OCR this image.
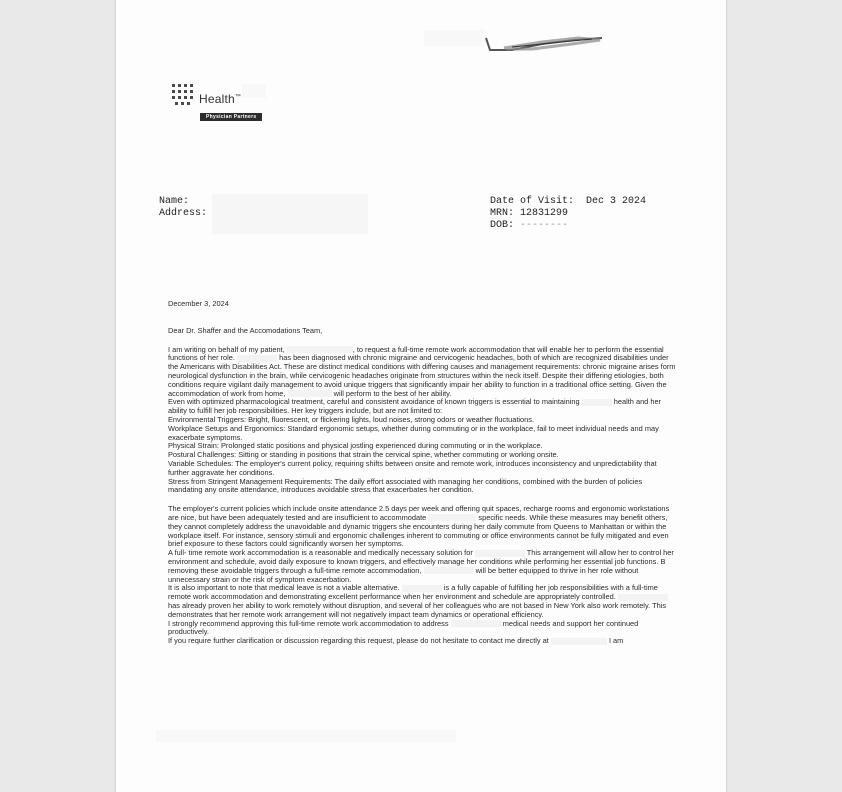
Health™
Physician Partners
Name:
Address:
Date of Visit: Dec 3 2024
MRN: 12831299
DOB: --------

December 3, 2024

Dear Dr. Shaffer and the Accomodations Team,

I am writing on behalf of my patient,	, to request a full-time remote work accommodation that will enable her to perform the essential functions of her role.	has been diagnosed with chronic migraine and cervicogenic headaches, both of which are recognized disabilities under the Americans with Disabilities Act. These are distinct medical conditions with differing causes and management requirements: chronic migraine arises form neurological dysfunction in the brain, while cervicogenic headaches originate from structures within the neck itself. Despite their differing etiologies, both conditions require vigilant daily management to avoid unique triggers that significantly impair her ability to function in a traditional office setting. Given the accommodation of work from home,	will perform to the best of her ability.

Even with optimized pharmacological treatment, careful and consistent avoidance of known triggers is essential to maintaining	health and her ability to fulfill her job responsibilities. Her key triggers include, but are not limited to:

Environmental Triggers: Bright, fluorescent, or flickering lights, loud noises, strong odors or weather fluctuations.

Workplace Setups and Ergonomics: Standard ergonomic setups, whether during commuting or in the workplace, fail to meet individual needs and may exacerbate symptoms.

Physical Strain: Prolonged static positions and physical jostling experienced during commuting or in the workplace.

Postural Challenges: Sitting or standing in positions that strain the cervical spine, whether commuting or working onsite.

Variable Schedules: The employer's current policy, requiring shifts between onsite and remote work, introduces inconsistency and unpredictability that further aggravate her conditions.

Stress from Stringent Management Requirements: The daily effort associated with managing her conditions, combined with the burden of policies mandating any onsite attendance, introduces avoidable stress that exacerbates her condition.

The employer's current policies which include onsite attendance 2.5 days per week and offering quit spaces, recharge rooms and ergonomic workstations are nice, but have been adequately tested and are insufficient to accommodate	specific needs. While these measures may benefit others, they cannot completely address the unavoidable and dynamic triggers she encounters during her daily commute from Queens to Manhattan or within the workplace itself. For instance, sensory stimuli and ergonomic challenges inherent to commuting or office environments cannot be fully mitigated and even brief exposure to these factors could significantly worsen her symptoms.

A full- time remote work accommodation is a reasonable and medically necessary solution for	This arrangement will allow her to control her environment and schedule, avoid daily exposure to known triggers, and effectively manage her conditions while performing her essential job functions. B removing these avoidable triggers through a full-time remote accommodation,	will be better equipped to thrive in her role without unnecessary strain or the risk of symptom exacerbation.

It is also important to note that medical leave is not a viable alternative.	is a fully capable of fulfilling her job responsibilities with a full-time remote work accommodation and demonstrating excellent performance when her environment and schedule are appropriately controlled.  has already proven her ability to work remotely without disruption, and several of her colleagues who are not based in New York also work remotely. This demonstrates that her remote work arrangement will not negatively impact team dynamics or operational efficiency.

I strongly recommend approving this full-time remote work accommodation to address	medical needs and support her continued productively.

If you require further clarification or discussion regarding this request, please do not hesitate to contact me directly at	I am
